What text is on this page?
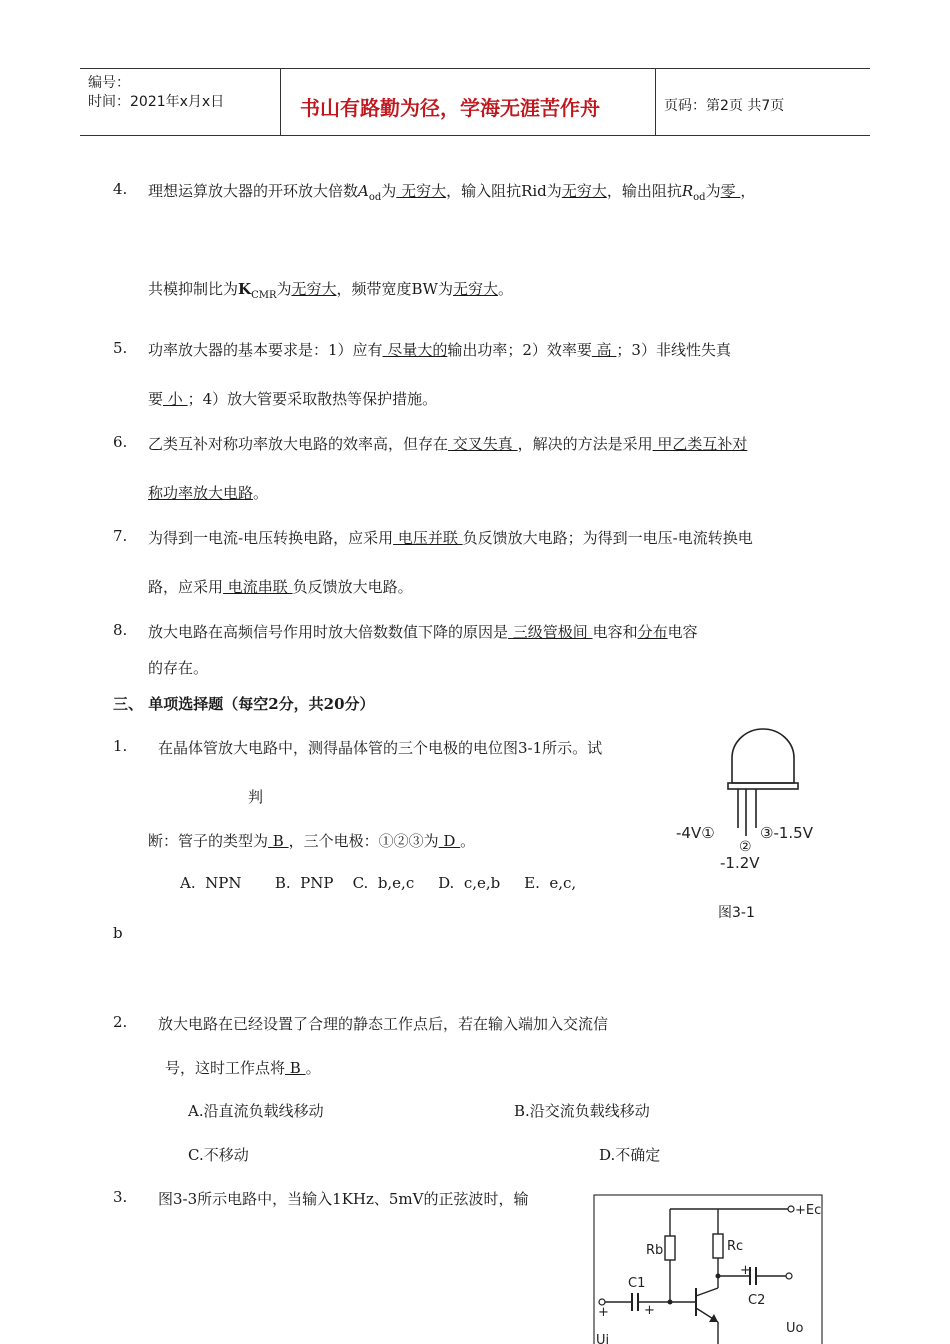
编号：
时间：2021年x月x日	书山有路勤为径，学海无涯苦作舟	页码：第2页 共7页
4. 理想运算放大器的开环放大倍数$A_{od}$为 无穷大，输入阻抗Rid为无穷大，输出阻抗$R_{od}$为零 ，
共模抑制比为$K_{CMR}$为无穷大，频带宽度BW为无穷大。
5. 功率放大器的基本要求是：1）应有 尽量大的输出功率；2）效率要 高 ；3）非线性失真
要 小 ；4）放大管要采取散热等保护措施。
6. 乙类互补对称功率放大电路的效率高，但存在 交叉失真 ，解决的方法是采用 甲乙类互补对
称功率放大电路。
7. 为得到一电流-电压转换电路，应采用 电压并联 负反馈放大电路；为得到一电压-电流转换电
路，应采用 电流串联 负反馈放大电路。
8. 放大电路在高频信号作用时放大倍数数值下降的原因是 三级管极间 电容和分布电容
的存在。
三、 单项选择题（每空2分，共20分）
1. 在晶体管放大电路中，测得晶体管的三个电极的电位图3-1所示。试
判
断：管子的类型为 B ，三个电极：①②③为 D 。
A.  NPN       B.  PNP    C.  b,e,c     D.  c,e,b     E.  e,c,
b
-4V①
②
③-1.5V
-1.2V
图3-1
2. 放大电路在已经设置了合理的静态工作点后，若在输入端加入交流信
号，这时工作点将 B 。
A.沿直流负载线移动	B.沿交流负载线移动
C.不移动	D.不确定
3. 图3-3所示电路中，当输入1KHz、5mV的正弦波时，输
+Ec
Rb	Rc
+
C2
Uo
C1
+
+
Ui
